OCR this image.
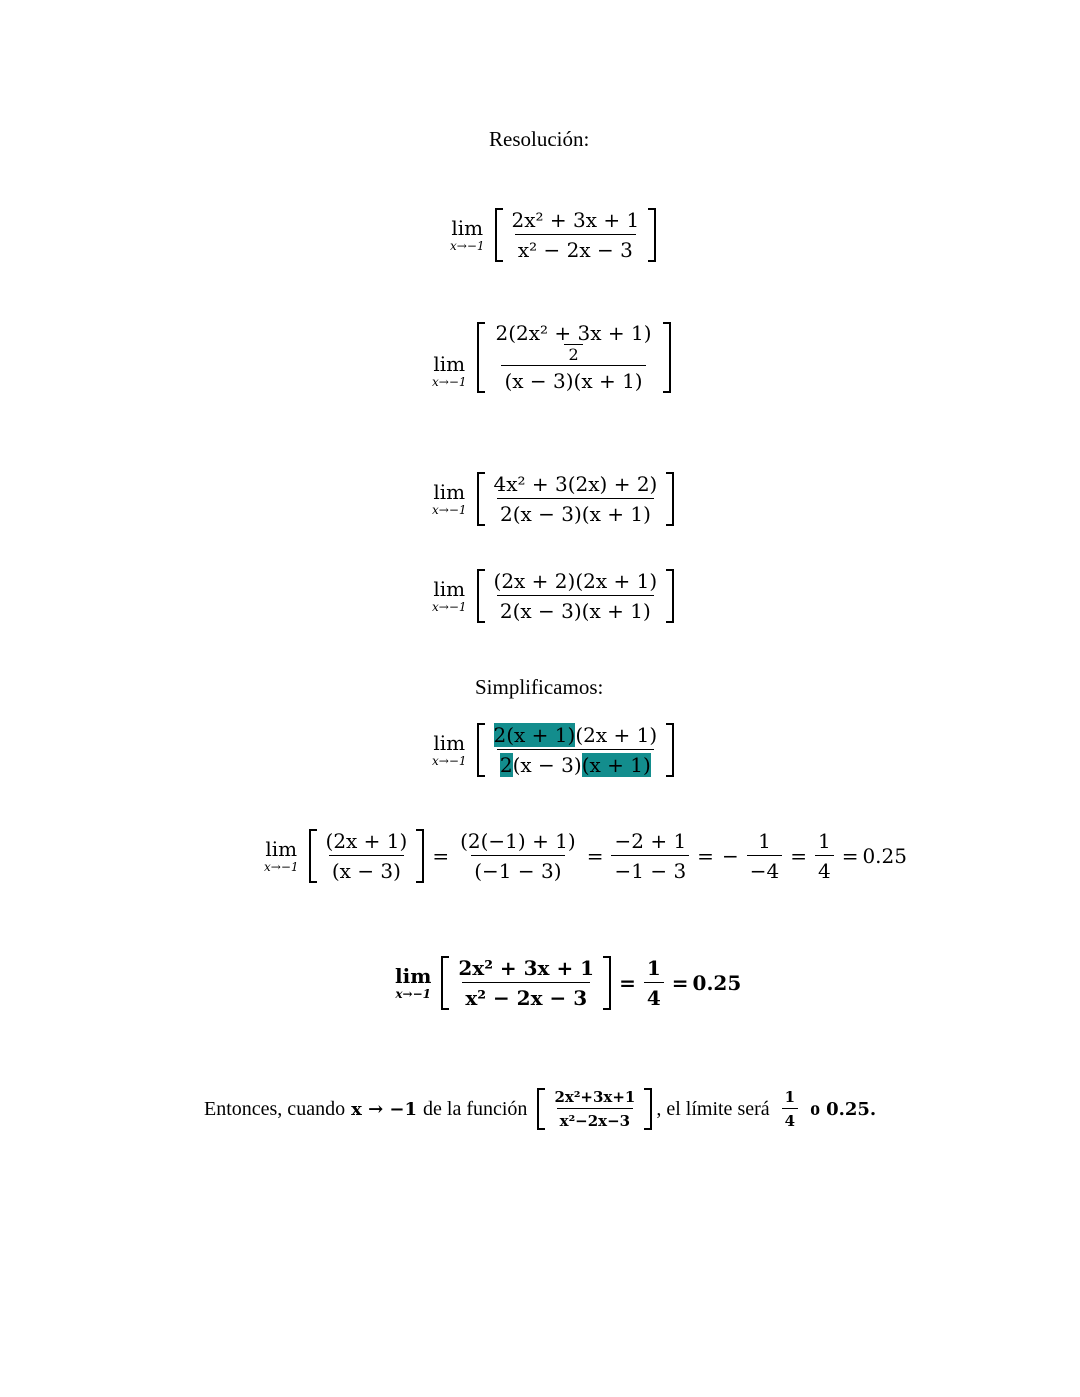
Resolución:
lim
$x\to-1 \frac{\text{2x² + 3x + 1}}{\text{x² − 2x − 3}}$
lim
x→−1 2(2x² + 3x + 1)
2
(x − 3)(x + 1)
lim
$x\to-1 \frac{\text{4x² + 3(2x) + 2)}}{2(x - 3)(x + 1)}$
lim
$x\to-1 \frac{(2x + 2)(2x + 1)}{2(x - 3)(x + 1)}$
Simplificamos:
lim
$x\to-1 \frac{2(x + 1)(2x + 1)}{2(x - 3)(x + 1)}$
lim
$x\to-1 \frac{(2x + 1)}{(x - 3)} = \frac{(2(-1) + 1)}{(-1 - 3)} = \frac{-2 + 1}{-1 - 3}$ = − $\frac{1}{-4} = \frac{1}{4} = 0.25$
lim
$x\to-1 \frac{\text{2x² + 3x + 1}}{\text{x² − 2x − 3}} = \frac{1}{4} = 0.25$
Entonces, cuando x → −1 de la función $\frac{\text{2x²+3x+1}}{\text{x²−2x−3}}$ , el límite será $\frac{1}{4}$ o 0.25.
